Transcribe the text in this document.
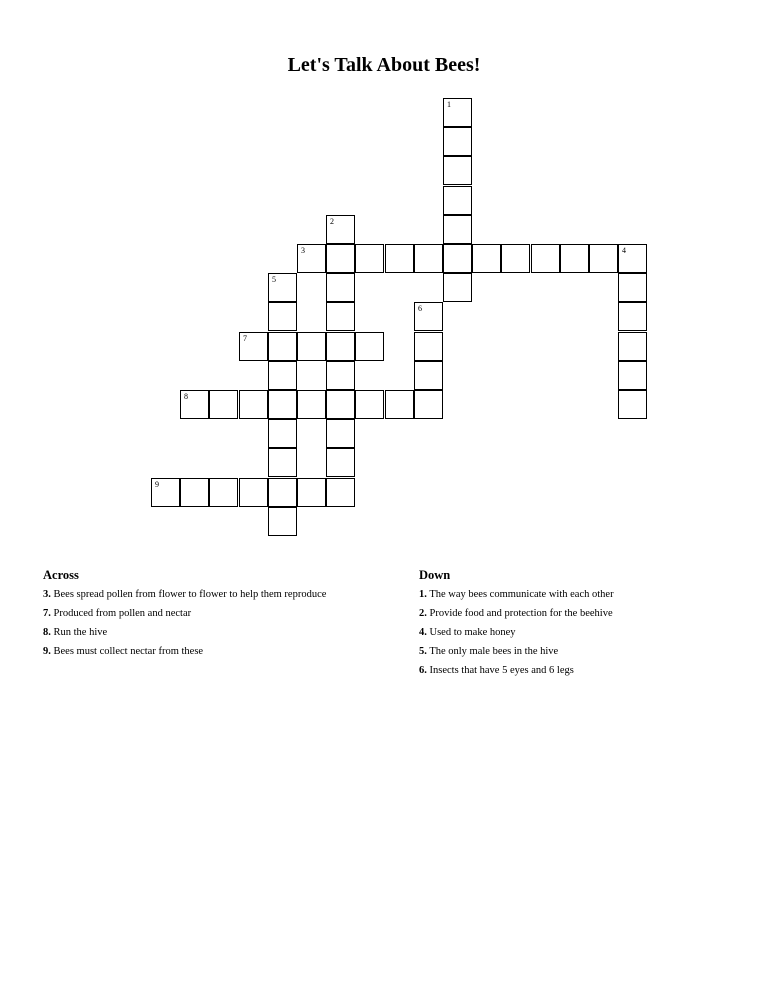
Let's Talk About Bees!
1
2
3	4
5
6
7
8
9
Across
3. Bees spread pollen from flower to flower to help them reproduce
7. Produced from pollen and nectar
8. Run the hive
9. Bees must collect nectar from these
Down
1. The way bees communicate with each other
2. Provide food and protection for the beehive
4. Used to make honey
5. The only male bees in the hive
6. Insects that have 5 eyes and 6 legs
